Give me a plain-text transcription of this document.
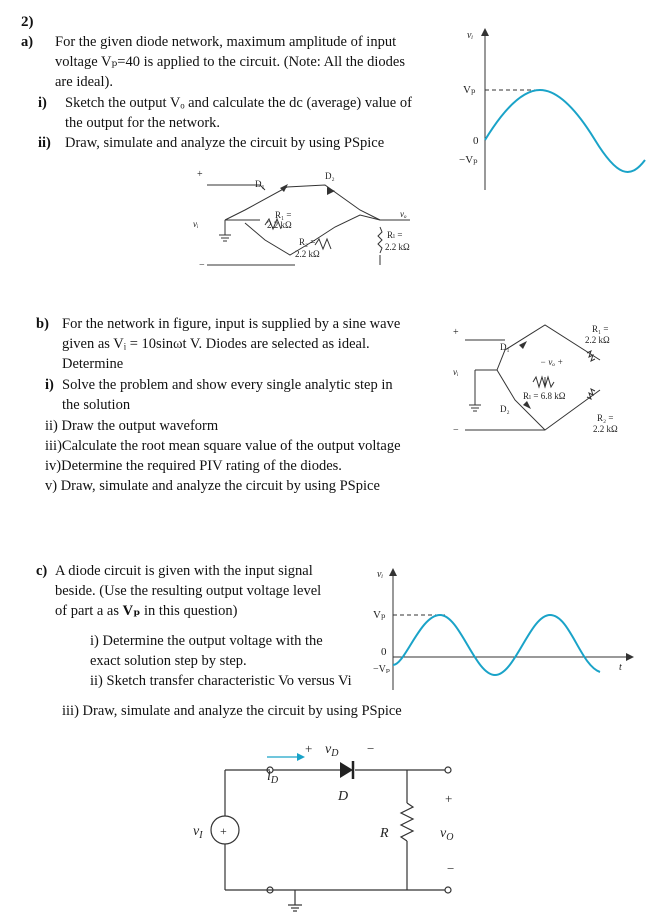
2)
a) For the given diode network, maximum amplitude of input
voltage Vₚ=40 is applied to the circuit. (Note: All the diodes
are ideal).
i) Sketch the output Vₒ and calculate the dc (average) value of
the output for the network.
ii) Draw, simulate and analyze the circuit by using PSpice
vᵢ
Vₚ
0
−Vₚ
+
vᵢ
−
D₁
D₂
R₁ =
2.2 kΩ
R₂ =
2.2 kΩ
Rₗ =
2.2 kΩ
vₒ
b) For the network in figure, input is supplied by a sine wave
given as Vᵢ = 10sinωt V. Diodes are selected as ideal.
Determine
i) Solve the problem and show every single analytic step in
the solution
ii) Draw the output waveform
iii)Calculate the root mean square value of the output voltage
iv)Determine the required PIV rating of the diodes.
v) Draw, simulate and analyze the circuit by using PSpice
+
vᵢ
−
D₁
D₂
R₁ =
2.2 kΩ
R₂ =
2.2 kΩ
− vₒ +
Rₗ = 6.8 kΩ
c) A diode circuit is given with the input signal
beside. (Use the resulting output voltage level
of part a as Vₚ in this question)
i) Determine the output voltage with the
exact solution step by step.
ii) Sketch transfer characteristic Vo versus Vi
iii) Draw, simulate and analyze the circuit by using PSpice
vᵢ
Vₚ
0
−Vₚ	t
+
+ $v_D$ −
D
$i_D$
$v_I$	R
+
$v_O$
−
